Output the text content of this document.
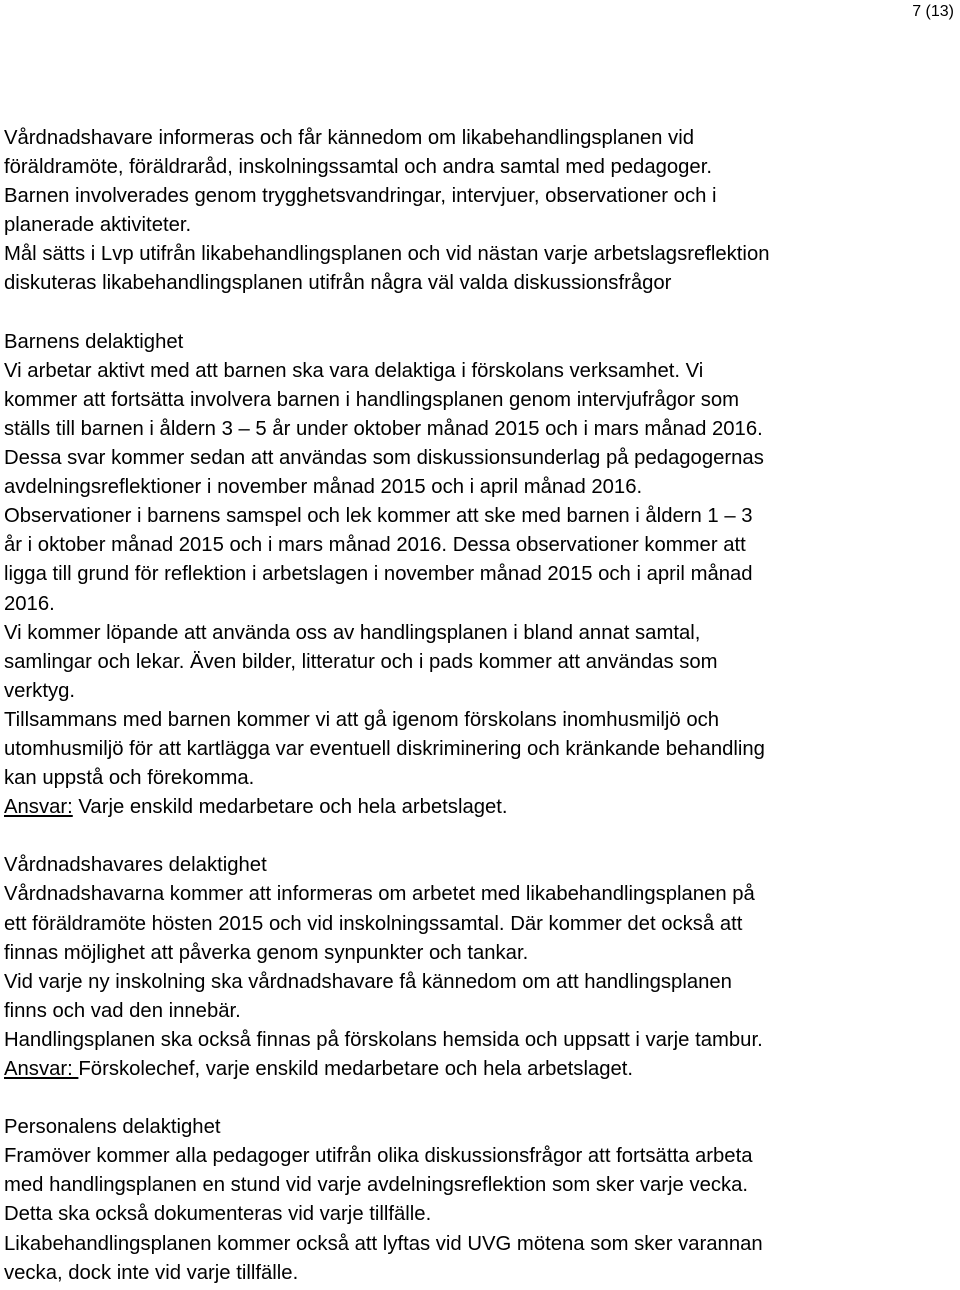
7 (13)
Vårdnadshavare informeras och får kännedom om likabehandlingsplanen vid
föräldramöte, föräldraråd, inskolningssamtal och andra samtal med pedagoger.
Barnen involverades genom trygghetsvandringar, intervjuer, observationer och i
planerade aktiviteter.
Mål sätts i Lvp utifrån likabehandlingsplanen och vid nästan varje arbetslagsreflektion
diskuteras likabehandlingsplanen utifrån några väl valda diskussionsfrågor
Barnens delaktighet
Vi arbetar aktivt med att barnen ska vara delaktiga i förskolans verksamhet. Vi
kommer att fortsätta involvera barnen i handlingsplanen genom intervjufrågor som
ställs till barnen i åldern 3 – 5 år under oktober månad 2015 och i mars månad 2016.
Dessa svar kommer sedan att användas som diskussionsunderlag på pedagogernas
avdelningsreflektioner i november månad 2015 och i april månad 2016.
Observationer i barnens samspel och lek kommer att ske med barnen i åldern 1 – 3
år i oktober månad 2015 och i mars månad 2016. Dessa observationer kommer att
ligga till grund för reflektion i arbetslagen i november månad 2015 och i april månad
2016.
Vi kommer löpande att använda oss av handlingsplanen i bland annat samtal,
samlingar och lekar. Även bilder, litteratur och i pads kommer att användas som
verktyg.
Tillsammans med barnen kommer vi att gå igenom förskolans inomhusmiljö och
utomhusmiljö för att kartlägga var eventuell diskriminering och kränkande behandling
kan uppstå och förekomma.
Ansvar: Varje enskild medarbetare och hela arbetslaget.
Vårdnadshavares delaktighet
Vårdnadshavarna kommer att informeras om arbetet med likabehandlingsplanen på
ett föräldramöte hösten 2015 och vid inskolningssamtal. Där kommer det också att
finnas möjlighet att påverka genom synpunkter och tankar.
Vid varje ny inskolning ska vårdnadshavare få kännedom om att handlingsplanen
finns och vad den innebär.
Handlingsplanen ska också finnas på förskolans hemsida och uppsatt i varje tambur.
Ansvar: Förskolechef, varje enskild medarbetare och hela arbetslaget.
Personalens delaktighet
Framöver kommer alla pedagoger utifrån olika diskussionsfrågor att fortsätta arbeta
med handlingsplanen en stund vid varje avdelningsreflektion som sker varje vecka.
Detta ska också dokumenteras vid varje tillfälle.
Likabehandlingsplanen kommer också att lyftas vid UVG mötena som sker varannan
vecka, dock inte vid varje tillfälle.
